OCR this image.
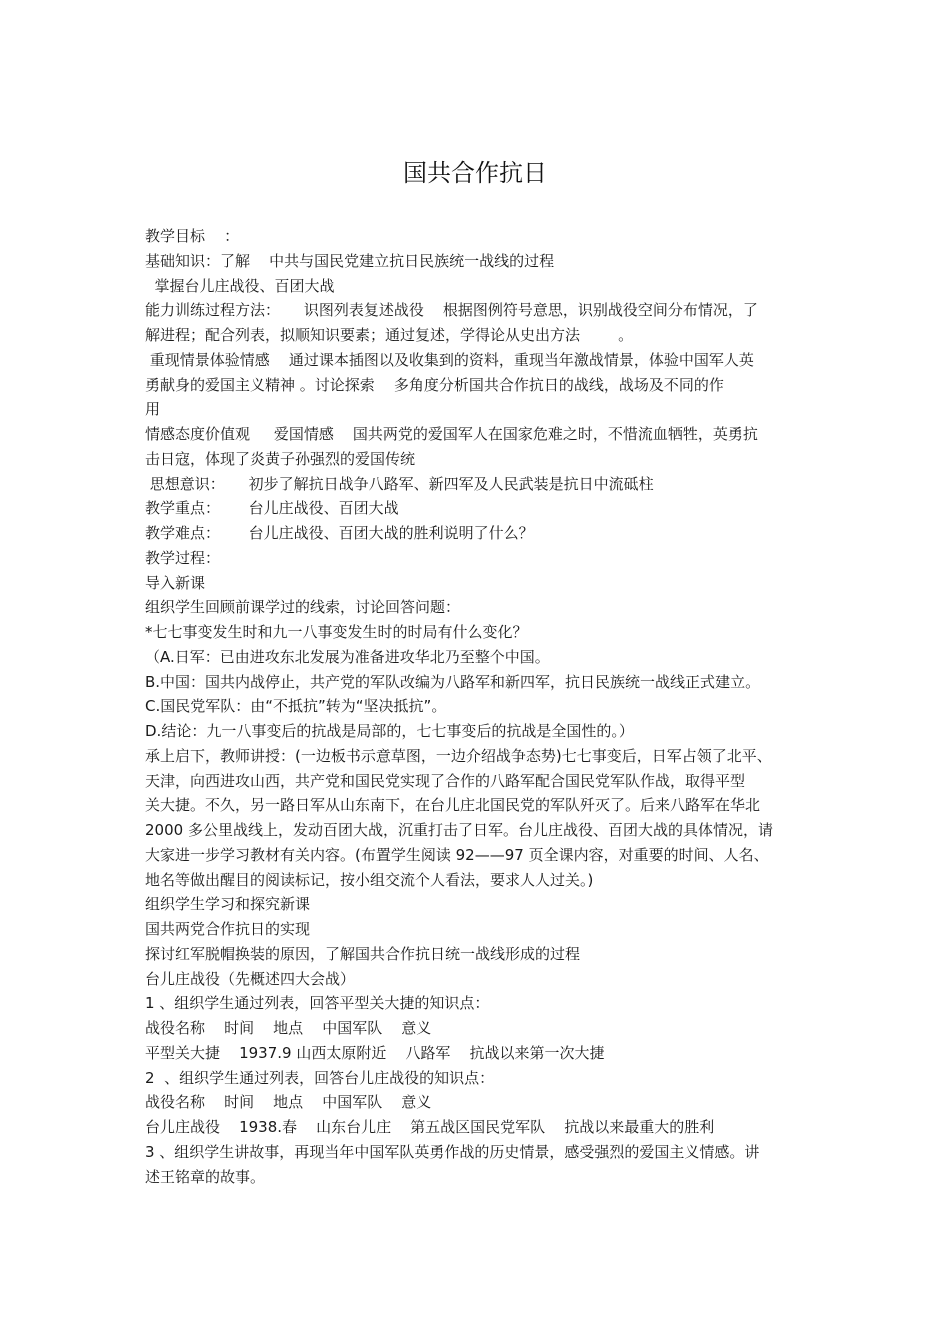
国共合作抗日
教学目标    ：
基础知识：了解    中共与国民党建立抗日民族统一战线的过程
掌握台儿庄战役、百团大战
能力训练过程方法：     识图列表复述战役    根据图例符号意思，识别战役空间分布情况，了
解进程；配合列表，拟顺知识要素；通过复述，学得论从史出方法        。
重现情景体验情感    通过课本插图以及收集到的资料，重现当年激战情景，体验中国军人英
勇献身的爱国主义精神 。讨论探索    多角度分析国共合作抗日的战线，战场及不同的作
用
情感态度价值观     爱国情感    国共两党的爱国军人在国家危难之时，不惜流血牺牲，英勇抗
击日寇，体现了炎黄子孙强烈的爱国传统
思想意识：     初步了解抗日战争八路军、新四军及人民武装是抗日中流砥柱
教学重点：      台儿庄战役、百团大战
教学难点：      台儿庄战役、百团大战的胜利说明了什么？
教学过程：
导入新课
组织学生回顾前课学过的线索，讨论回答问题：
*七七事变发生时和九一八事变发生时的时局有什么变化？
（A.日军：已由进攻东北发展为准备进攻华北乃至整个中国。
B.中国：国共内战停止，共产党的军队改编为八路军和新四军，抗日民族统一战线正式建立。
C.国民党军队：由“不抵抗”转为“坚决抵抗”。
D.结论：九一八事变后的抗战是局部的，七七事变后的抗战是全国性的。）
承上启下，教师讲授：(一边板书示意草图，一边介绍战争态势)七七事变后，日军占领了北平、
天津，向西进攻山西，共产党和国民党实现了合作的八路军配合国民党军队作战，取得平型
关大捷。不久，另一路日军从山东南下，在台儿庄北国民党的军队歼灭了。后来八路军在华北
2000 多公里战线上，发动百团大战，沉重打击了日军。台儿庄战役、百团大战的具体情况，请
大家进一步学习教材有关内容。(布置学生阅读 92——97 页全课内容，对重要的时间、人名、
地名等做出醒目的阅读标记，按小组交流个人看法，要求人人过关。)
组织学生学习和探究新课
国共两党合作抗日的实现
探讨红军脱帽换装的原因，了解国共合作抗日统一战线形成的过程
台儿庄战役（先概述四大会战）
1 、组织学生通过列表，回答平型关大捷的知识点：
战役名称    时间    地点    中国军队    意义
平型关大捷    1937.9 山西太原附近    八路军    抗战以来第一次大捷
2  、组织学生通过列表，回答台儿庄战役的知识点：
战役名称    时间    地点    中国军队    意义
台儿庄战役    1938.春    山东台儿庄    第五战区国民党军队    抗战以来最重大的胜利
3 、组织学生讲故事，再现当年中国军队英勇作战的历史情景，感受强烈的爱国主义情感。讲
述王铭章的故事。
